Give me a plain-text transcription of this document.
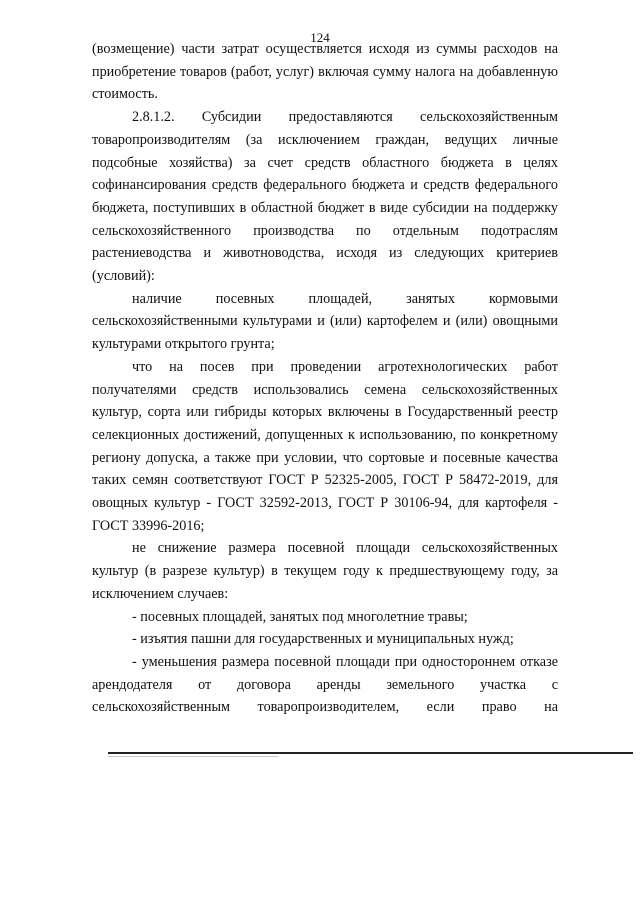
124

(возмещение) части затрат осуществляется исходя из суммы расходов на приобретение товаров (работ, услуг) включая сумму налога на добавленную стоимость.

2.8.1.2. Субсидии предоставляются сельскохозяйственным товаропроизводителям (за исключением граждан, ведущих личные подсобные хозяйства) за счет средств областного бюджета в целях софинансирования средств федерального бюджета и средств федерального бюджета, поступивших в областной бюджет в виде субсидии на поддержку сельскохозяйственного производства по отдельным подотраслям растениеводства и животноводства, исходя из следующих критериев (условий):

наличие посевных площадей, занятых кормовыми сельскохозяйственными культурами и (или) картофелем и (или) овощными культурами открытого грунта;

что на посев при проведении агротехнологических работ получателями средств использовались семена сельскохозяйственных культур, сорта или гибриды которых включены в Государственный реестр селекционных достижений, допущенных к использованию, по конкретному региону допуска, а также при условии, что сортовые и посевные качества таких семян соответствуют ГОСТ Р 52325-2005, ГОСТ Р 58472-2019, для овощных культур - ГОСТ 32592-2013, ГОСТ Р 30106-94, для картофеля - ГОСТ 33996-2016;

не снижение размера посевной площади сельскохозяйственных культур (в разрезе культур) в текущем году к предшествующему году, за исключением случаев:

- посевных площадей, занятых под многолетние травы;

- изъятия пашни для государственных и муниципальных нужд;

- уменьшения размера посевной площади при одностороннем отказе арендодателя от договора аренды земельного участка с сельскохозяйственным товаропроизводителем, если право на
